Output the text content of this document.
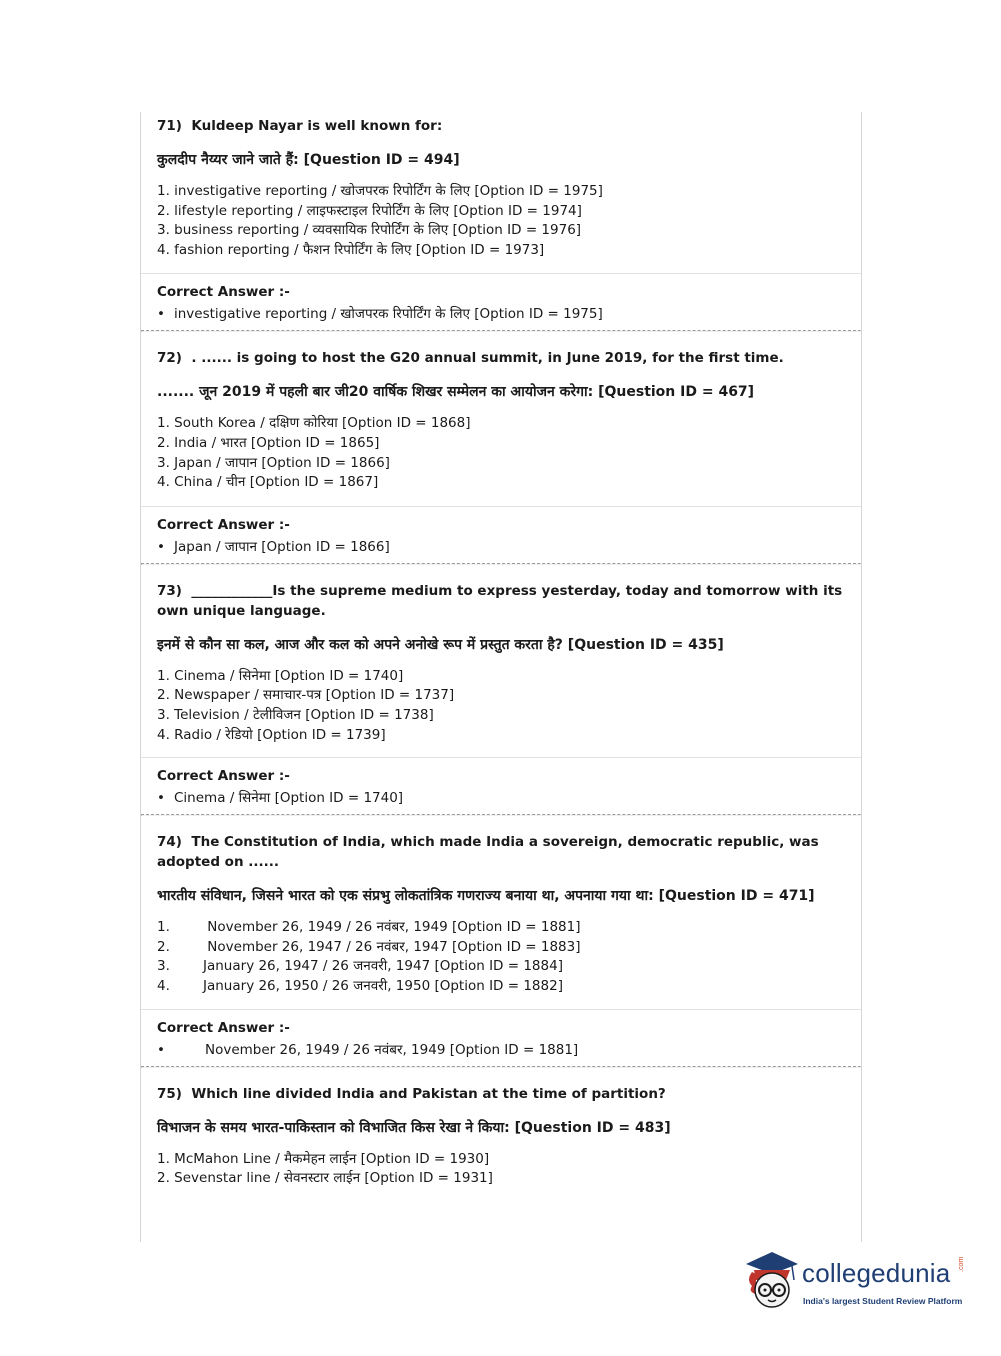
71) Kuldeep Nayar is well known for:

कुलदीप नैय्यर जाने जाते हैं: [Question ID = 494]

1. investigative reporting / खोजपरक रिपोर्टिंग के लिए [Option ID = 1975]
2. lifestyle reporting / लाइफस्टाइल रिपोर्टिंग के लिए [Option ID = 1974]
3. business reporting / व्यवसायिक रिपोर्टिंग के लिए [Option ID = 1976]
4. fashion reporting / फैशन रिपोर्टिंग के लिए [Option ID = 1973]

Correct Answer :-

• investigative reporting / खोजपरक रिपोर्टिंग के लिए [Option ID = 1975]

72) . ...... is going to host the G20 annual summit, in June 2019, for the first time.

....... जून 2019 में पहली बार जी20 वार्षिक शिखर सम्मेलन का आयोजन करेगा: [Question ID = 467]

1. South Korea / दक्षिण कोरिया [Option ID = 1868]
2. India / भारत [Option ID = 1865]
3. Japan / जापान [Option ID = 1866]
4. China / चीन [Option ID = 1867]

Correct Answer :-

• Japan / जापान [Option ID = 1866]

73) ____________Is the supreme medium to express yesterday, today and tomorrow with its own unique language.

इनमें से कौन सा कल, आज और कल को अपने अनोखे रूप में प्रस्तुत करता है? [Question ID = 435]

1. Cinema / सिनेमा [Option ID = 1740]
2. Newspaper / समाचार-पत्र [Option ID = 1737]
3. Television / टेलीविजन [Option ID = 1738]
4. Radio / रेडियो [Option ID = 1739]

Correct Answer :-

• Cinema / सिनेमा [Option ID = 1740]

74) The Constitution of India, which made India a sovereign, democratic republic, was adopted on ......

भारतीय संविधान, जिसने भारत को एक संप्रभु लोकतांत्रिक गणराज्य बनाया था, अपनाया गया था: [Question ID = 471]

1. November 26, 1949 / 26 नवंबर, 1949 [Option ID = 1881]
2. November 26, 1947 / 26 नवंबर, 1947 [Option ID = 1883]
3. January 26, 1947 / 26 जनवरी, 1947 [Option ID = 1884]
4. January 26, 1950 / 26 जनवरी, 1950 [Option ID = 1882]

Correct Answer :-

•	November 26, 1949 / 26 नवंबर, 1949 [Option ID = 1881]

75) Which line divided India and Pakistan at the time of partition?

विभाजन के समय भारत-पाकिस्तान को विभाजित किस रेखा ने किया: [Question ID = 483]

1. McMahon Line / मैकमेहन लाईन [Option ID = 1930]
2. Sevenstar line / सेवनस्टार लाईन [Option ID = 1931]
collegedunia .com
India's largest Student Review Platform
